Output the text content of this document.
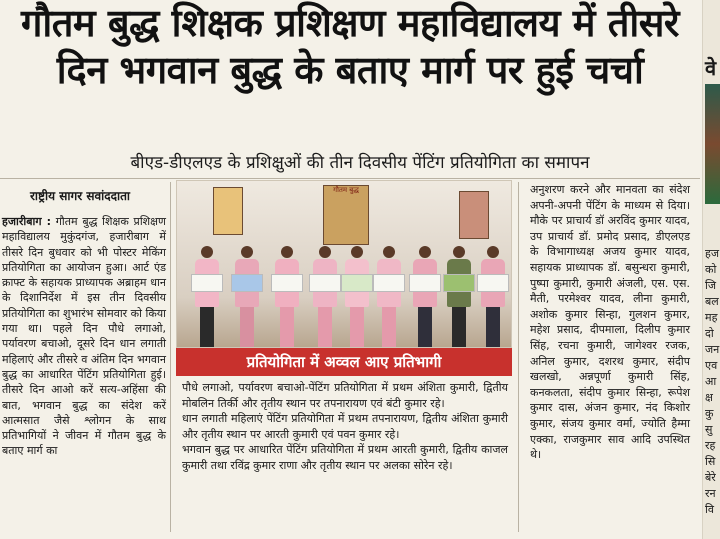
गौतम बुद्ध शिक्षक प्रशिक्षण महाविद्यालय में तीसरे
दिन भगवान बुद्ध के बताए मार्ग पर हुई चर्चा
बीएड-डीएलएड के प्रशिक्षुओं की तीन दिवसीय पेंटिंग प्रतियोगिता का समापन
राष्ट्रीय सागर सवांददाता
हजारीबाग : गौतम बुद्ध शिक्षक प्रशिक्षण महाविद्यालय मुकुंदगंज, हजारीबाग में तीसरे दिन बुधवार को भी पोस्टर मेकिंग प्रतियोगिता का आयोजन हुआ। आर्ट एंड क्राफ्ट के सहायक प्राध्यापक अब्राहम धान के दिशानिर्देश में इस तीन दिवसीय प्रतियोगिता का शुभारंभ सोमवार को किया गया था। पहले दिन पौधे लगाओ, पर्यावरण बचाओ, दूसरे दिन धान लगाती महिलाएं और तीसरे व अंतिम दिन भगवान बुद्ध का आधारित पेंटिंग प्रतियोगिता हुई। तीसरे दिन आओ करें सत्य-अहिंसा की बात, भगवान बुद्ध का संदेश करें आत्मसात जैसे श्लोगन के साथ प्रतिभागियों ने जीवन में गौतम बुद्ध के बताए मार्ग का
गौतम बुद्ध
प्रतियोगिता में अव्वल आए प्रतिभागी

पौधे लगाओ, पर्यावरण बचाओ-पेंटिंग प्रतियोगिता में प्रथम अंशिता कुमारी, द्वितीय मोबलिन तिर्की और तृतीय स्थान पर तपनारायण एवं बंटी कुमार रहे।

धान लगाती महिलाएं पेंटिंग प्रतियोगिता में प्रथम तपनारायण, द्वितीय अंशिता कुमारी और तृतीय स्थान पर आरती कुमारी एवं पवन कुमार रहे।

भगवान बुद्ध पर आधारित पेंटिंग प्रतियोगिता में प्रथम आरती कुमारी, द्वितीय काजल कुमारी तथा रविंद्र कुमार राणा और तृतीय स्थान पर अलका सोरेन रहे।

अनुशरण करने और मानवता का संदेश अपनी-अपनी पेंटिंग के माध्यम से दिया। मौके पर प्राचार्य डॉ अरविंद कुमार यादव, उप प्राचार्य डॉ. प्रमोद प्रसाद, डीएलएड के विभागाध्यक्ष अजय कुमार यादव, सहायक प्राध्यापक डॉ. बसुन्धरा कुमारी, पुष्पा कुमारी, कुमारी अंजली, एस. एस. मैती, परमेश्वर यादव, लीना कुमारी, अशोक कुमार सिन्हा, गुलशन कुमार, महेश प्रसाद, दीपमाला, दिलीप कुमार सिंह, रचना कुमारी, जागेश्वर रजक, अनिल कुमार, दशरथ कुमार, संदीप खलखो, अन्नपूर्णा कुमारी सिंह, कनकलता, संदीप कुमार सिन्हा, रूपेश कुमार दास, अंजन कुमार, नंद किशोर कुमार, संजय कुमार वर्मा, ज्योति हैम्मा एक्का, राजकुमार साव आदि उपस्थित थे।
वे
हज
को
जि
बल
मह
दो
जन
एव
आ
क्ष
कु
सु
रह
सि
बेरे
रन
वि
